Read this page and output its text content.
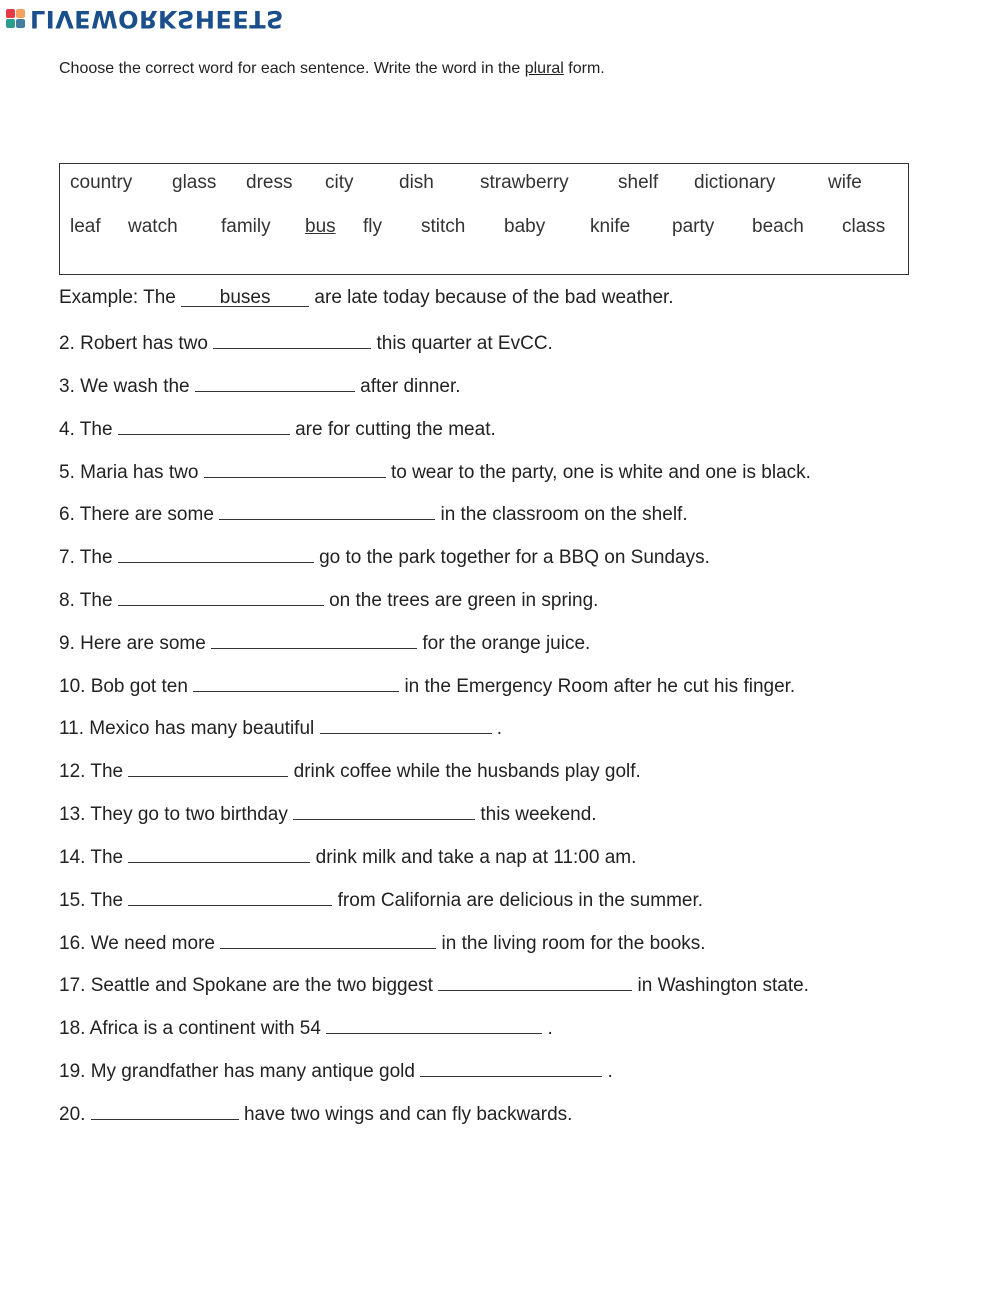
LIVEWORKSHEETS
Choose the correct word for each sentence. Write the word in the plural form.
country glass dress city dish strawberry	shelf dictionary	wife
leaf watch family bus fly stitch baby knife party beach class
Example: The buses are late today because of the bad weather.
2. Robert has two	this quarter at EvCC.
3. We wash the	after dinner.
4. The	are for cutting the meat.
5. Maria has two	to wear to the party, one is white and one is black.
6. There are some	in the classroom on the shelf.
7. The	go to the park together for a BBQ on Sundays.
8. The	on the trees are green in spring.
9. Here are some	for the orange juice.
10. Bob got ten	in the Emergency Room after he cut his finger.
11. Mexico has many beautiful	.
12. The	drink coffee while the husbands play golf.
13. They go to two birthday	this weekend.
14. The	drink milk and take a nap at 11:00 am.
15. The	from California are delicious in the summer.
16. We need more	in the living room for the books.
17. Seattle and Spokane are the two biggest	in Washington state.
18. Africa is a continent with 54	.
19. My grandfather has many antique gold	.
20.	have two wings and can fly backwards.
